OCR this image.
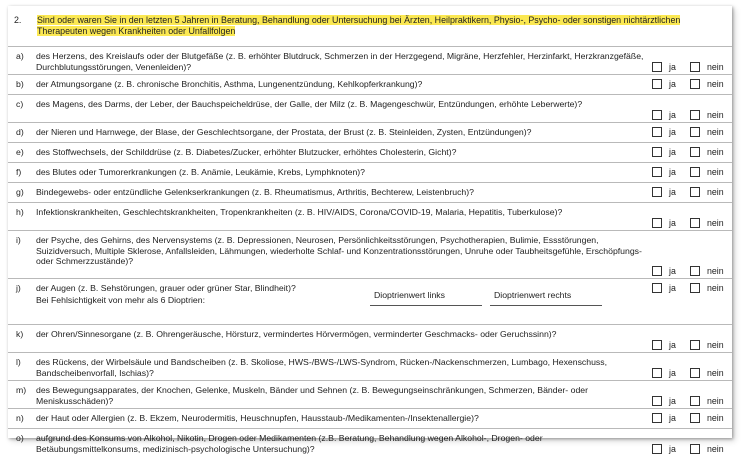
2. Sind oder waren Sie in den letzten 5 Jahren in Beratung, Behandlung oder Untersuchung bei Ärzten, Heilpraktikern, Physio-, Psycho- oder sonstigen nichtärztlichen Therapeuten wegen Krankheiten oder Unfallfolgen
a) des Herzens, des Kreislaufs oder der Blutgefäße (z. B. erhöhter Blutdruck, Schmerzen in der Herzgegend, Migräne, Herzfehler, Herzinfarkt, Herzkranzgefäße, Durchblutungsstörungen, Venenleiden)?	ja	nein
b) der Atmungsorgane (z. B. chronische Bronchitis, Asthma, Lungenentzündung, Kehlkopferkrankung)?	ja	nein
c) des Magens, des Darms, der Leber, der Bauchspeicheldrüse, der Galle, der Milz (z. B. Magengeschwür, Entzündungen, erhöhte Leberwerte)?
ja	nein
d) der Nieren und Harnwege, der Blase, der Geschlechtsorgane, der Prostata, der Brust (z. B. Steinleiden, Zysten, Entzündungen)?	ja	nein
e) des Stoffwechsels, der Schilddrüse (z. B. Diabetes/Zucker, erhöhter Blutzucker, erhöhtes Cholesterin, Gicht)?	ja	nein
f) des Blutes oder Tumorerkrankungen (z. B. Anämie, Leukämie, Krebs, Lymphknoten)?	ja	nein
g) Bindegewebs- oder entzündliche Gelenkserkrankungen (z. B. Rheumatismus, Arthritis, Bechterew, Leistenbruch)?	ja	nein
h) Infektionskrankheiten, Geschlechtskrankheiten, Tropenkrankheiten (z. B. HIV/AIDS, Corona/COVID-19, Malaria, Hepatitis, Tuberkulose)?
ja	nein
i) der Psyche, des Gehirns, des Nervensystems (z. B. Depressionen, Neurosen, Persönlichkeitsstörungen, Psychotherapien, Bulimie, Essstörungen, Suizidversuch, Multiple Sklerose, Anfallsleiden, Lähmungen, wiederholte Schlaf- und Konzentrationsstörungen, Unruhe oder Taubheitsgefühle, Erschöpfungs- oder Schmerzzustände)?
ja	nein
j) der Augen (z. B. Sehstörungen, grauer oder grüner Star, Blindheit)?
Bei Fehlsichtigkeit von mehr als 6 Dioptrien:	Dioptrienwert links	Dioptrienwert rechts
ja	nein
k) der Ohren/Sinnesorgane (z. B. Ohrengeräusche, Hörsturz, vermindertes Hörvermögen, verminderter Geschmacks- oder Geruchssinn)?
ja	nein
l) des Rückens, der Wirbelsäule und Bandscheiben (z. B. Skoliose, HWS-/BWS-/LWS-Syndrom, Rücken-/Nackenschmerzen, Lumbago, Hexenschuss, Bandscheibenvorfall, Ischias)?	ja	nein
m) des Bewegungsapparates, der Knochen, Gelenke, Muskeln, Bänder und Sehnen (z. B. Bewegungseinschränkungen, Schmerzen, Bänder- oder Meniskusschäden)?	ja	nein
n) der Haut oder Allergien (z. B. Ekzem, Neurodermitis, Heuschnupfen, Hausstaub-/Medikamenten-/Insektenallergie)?	ja	nein
o) aufgrund des Konsums von Alkohol, Nikotin, Drogen oder Medikamenten (z.B. Beratung, Behandlung wegen Alkohol-, Drogen- oder Betäubungsmittelkonsums, medizinisch-psychologische Untersuchung)?	ja	nein
